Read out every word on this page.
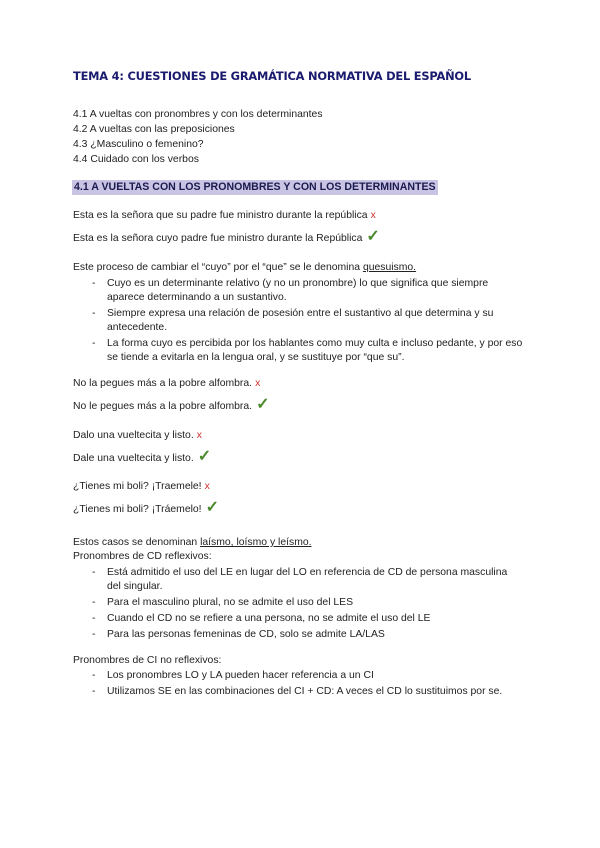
TEMA 4: CUESTIONES DE GRAMÁTICA NORMATIVA DEL ESPAÑOL
4.1 A vueltas con pronombres y con los determinantes
4.2 A vueltas con las preposiciones
4.3 ¿Masculino o femenino?
4.4 Cuidado con los verbos
4.1 A VUELTAS CON LOS PRONOMBRES Y CON LOS DETERMINANTES
Esta es la señora que su padre fue ministro durante la república x
Esta es la señora cuyo padre fue ministro durante la República ✓
Este proceso de cambiar el “cuyo” por el “que” se le denomina quesuismo.
- Cuyo es un determinante relativo (y no un pronombre) lo que significa que siempre aparece determinando a un sustantivo.
- Siempre expresa una relación de posesión entre el sustantivo al que determina y su antecedente.
- La forma cuyo es percibida por los hablantes como muy culta e incluso pedante, y por eso se tiende a evitarla en la lengua oral, y se sustituye por “que su”.
No la pegues más a la pobre alfombra. x
No le pegues más a la pobre alfombra. ✓
Dalo una vueltecita y listo. x
Dale una vueltecita y listo. ✓
¿Tienes mi boli? ¡Traemele! x
¿Tienes mi boli? ¡Tráemelo! ✓
Estos casos se denominan laísmo, loísmo y leísmo.
Pronombres de CD reflexivos:
- Está admitido el uso del LE en lugar del LO en referencia de CD de persona masculina del singular.
- Para el masculino plural, no se admite el uso del LES
- Cuando el CD no se refiere a una persona, no se admite el uso del LE
- Para las personas femeninas de CD, solo se admite LA/LAS
Pronombres de CI no reflexivos:
- Los pronombres LO y LA pueden hacer referencia a un CI
- Utilizamos SE en las combinaciones del CI + CD: A veces el CD lo sustituimos por se.
